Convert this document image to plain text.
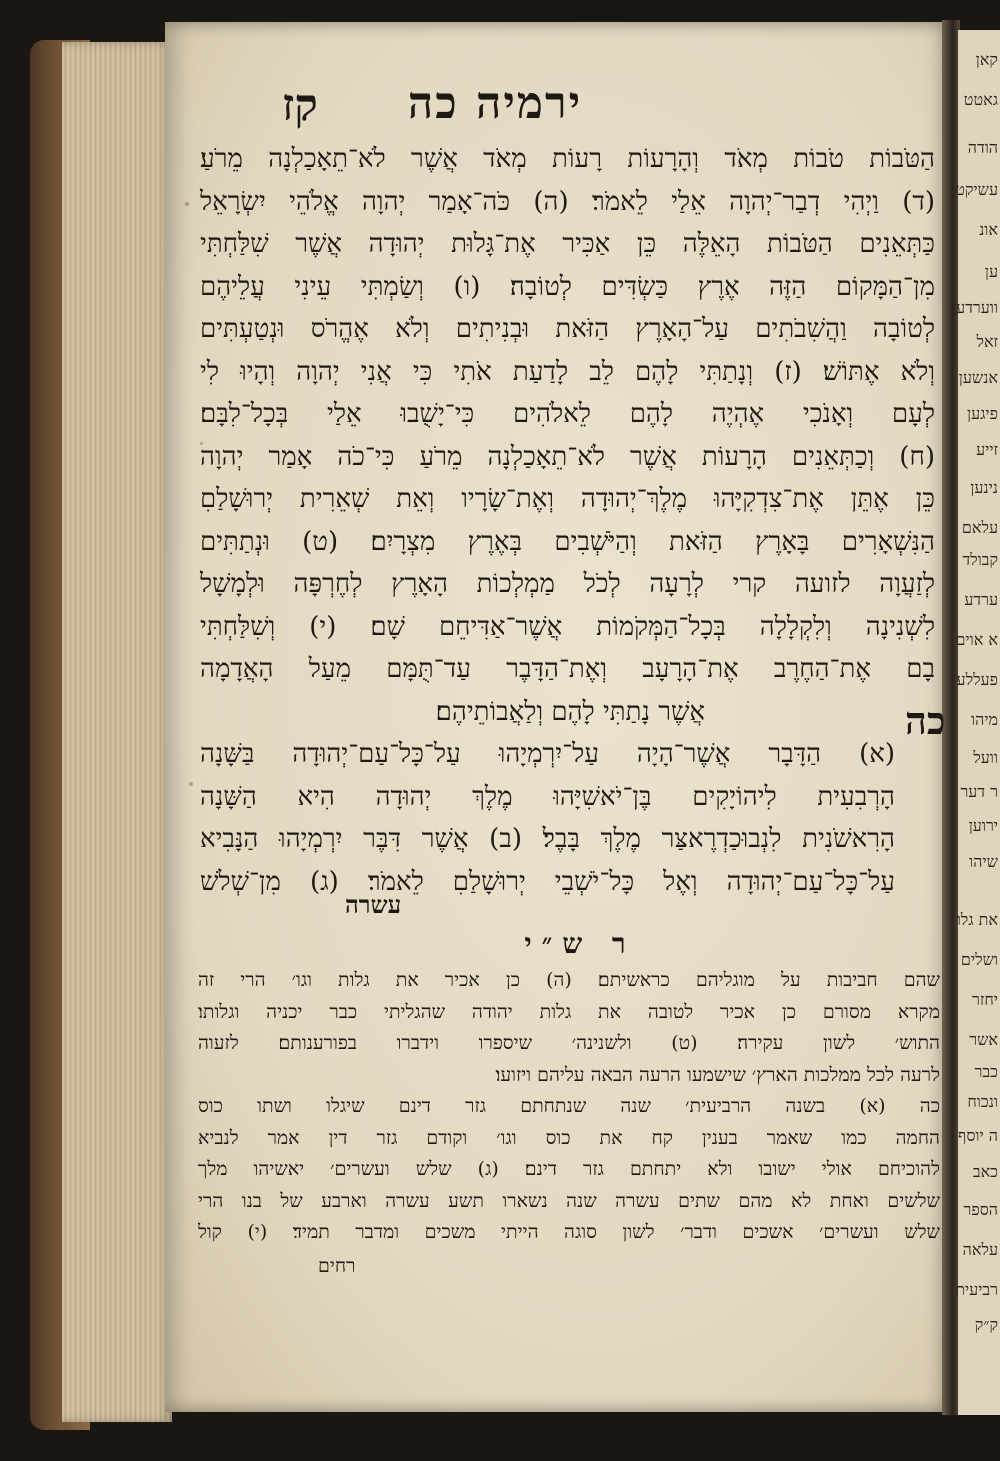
קאן
גאטט
הודה
עשיקט
אונ
ען
ווערדען
זאל
אנשען
פיגען
זייע
נינען
עלאם
קבולד
ערדע
א אוים
פעללע
מיהו
וועל
ר דער
ירוען
שיהו
את גלו
ושלים
יחזר
אשר
כבר
ונכוח
ה יוסף
כאב
הספר
עלאה
רביעית
ק״ק
ירמיה כה
קז
הַטֹּבוֹת טֹבוֹת מְאֹד וְהָרָעוֹת רָעוֹת מְאֹד אֲשֶׁר לֹא־תֵאָכַלְנָה מֵרֹעַ׃
(ד) וַיְהִי דְבַר־יְהוָה אֵלַי לֵאמֹר׃ (ה) כֹּה־אָמַר יְהוָה אֱלֹהֵי יִשְׂרָאֵל
כַּתְּאֵנִים הַטֹּבוֹת הָאֵלֶּה כֵּן אַכִּיר אֶת־גָּלוּת יְהוּדָה אֲשֶׁר שִׁלַּחְתִּי
מִן־הַמָּקוֹם הַזֶּה אֶרֶץ כַּשְׂדִּים לְטוֹבָה׃ (ו) וְשַׂמְתִּי עֵינִי עֲלֵיהֶם
לְטוֹבָה וַהֲשִׁבֹתִים עַל־הָאָרֶץ הַזֹּאת וּבְנִיתִים וְלֹא אֶהֱרֹס וּנְטַעְתִּים
וְלֹא אֶתּוֹשׁ׃ (ז) וְנָתַתִּי לָהֶם לֵב לָדַעַת אֹתִי כִּי אֲנִי יְהוָה וְהָיוּ לִי
לְעָם וְאָנֹכִי אֶהְיֶה לָהֶם לֵאלֹהִים כִּי־יָשֻׁבוּ אֵלַי בְּכָל־לִבָּם׃
(ח) וְכַתְּאֵנִים הָרָעוֹת אֲשֶׁר לֹא־תֵאָכַלְנָה מֵרֹעַ כִּי־כֹה אָמַר יְהוָה
כֵּן אֶתֵּן אֶת־צִדְקִיָּהוּ מֶלֶךְ־יְהוּדָה וְאֶת־שָׂרָיו וְאֵת שְׁאֵרִית יְרוּשָׁלַםִ
הַנִּשְׁאָרִים בָּאָרֶץ הַזֹּאת וְהַיֹּשְׁבִים בְּאֶרֶץ מִצְרָיִם׃ (ט) וּנְתַתִּים
לְזַעֲוָה לזועה קרי לְרָעָה לְכֹל מַמְלְכוֹת הָאָרֶץ לְחֶרְפָּה וּלְמָשָׁל
לִשְׁנִינָה וְלִקְלָלָה בְּכָל־הַמְּקֹמוֹת אֲשֶׁר־אַדִּיחֵם שָׁם׃ (י) וְשִׁלַּחְתִּי
בָם אֶת־הַחֶרֶב אֶת־הָרָעָב וְאֶת־הַדָּבֶר עַד־תֻּמָּם מֵעַל הָאֲדָמָה
אֲשֶׁר נָתַתִּי לָהֶם וְלַאֲבוֹתֵיהֶם׃
(א) הַדָּבָר אֲשֶׁר־הָיָה עַל־יִרְמְיָהוּ עַל־כָּל־עַם־יְהוּדָה בַּשָּׁנָה
הָרְבִעִית לִיהוֹיָקִים בֶּן־יֹאשִׁיָּהוּ מֶלֶךְ יְהוּדָה הִיא הַשָּׁנָה
הָרִאשֹׁנִית לִנְבוּכַדְרֶאצַּר מֶלֶךְ בָּבֶל׃ (ב) אֲשֶׁר דִּבֶּר יִרְמְיָהוּ הַנָּבִיא
עַל־כָּל־עַם־יְהוּדָה וְאֶל כָּל־יֹשְׁבֵי יְרוּשָׁלַםִ לֵאמֹר׃ (ג) מִן־שְׁלֹשׁ
כה
עשרה
ר ש״י
שהם חביבות על מוגליהם כראשיתם׃ (ה) כן אכיר את גלות וגו׳ הרי זה
מקרא מסורם כן אכיר לטובה את גלות יהודה שהגליתי כבר יכניה וגלותו׃
התוש׳ לשון עקירה׃ (ט) ולשנינה׳ שיספרו וידברו בפורענותם׃ לזעוה
לרעה לכל ממלכות הארץ׳ שישמעו הרעה הבאה עליהם ויזועו׃
כה (א) בשנה הרביעית׳ שנה שנתחתם גזר דינם שיגלו ושתו כוס
החמה כמו שאמר בענין קח את כוס וגו׳ וקודם גזר דין אמר לנביא
להוכיחם אולי ישובו ולא יתחתם גזר דינם׃ (ג) שלש ועשרים׳ יאשיהו מלך
שלשים ואחת לא מהם שתים עשרה שנה נשארו תשע עשרה וארבע של בנו הרי
שלש ועשרים׳ אשכים ודבר׳ לשון סוגה הייתי משכים ומדבר תמיד׃ (י) קול
רחים
